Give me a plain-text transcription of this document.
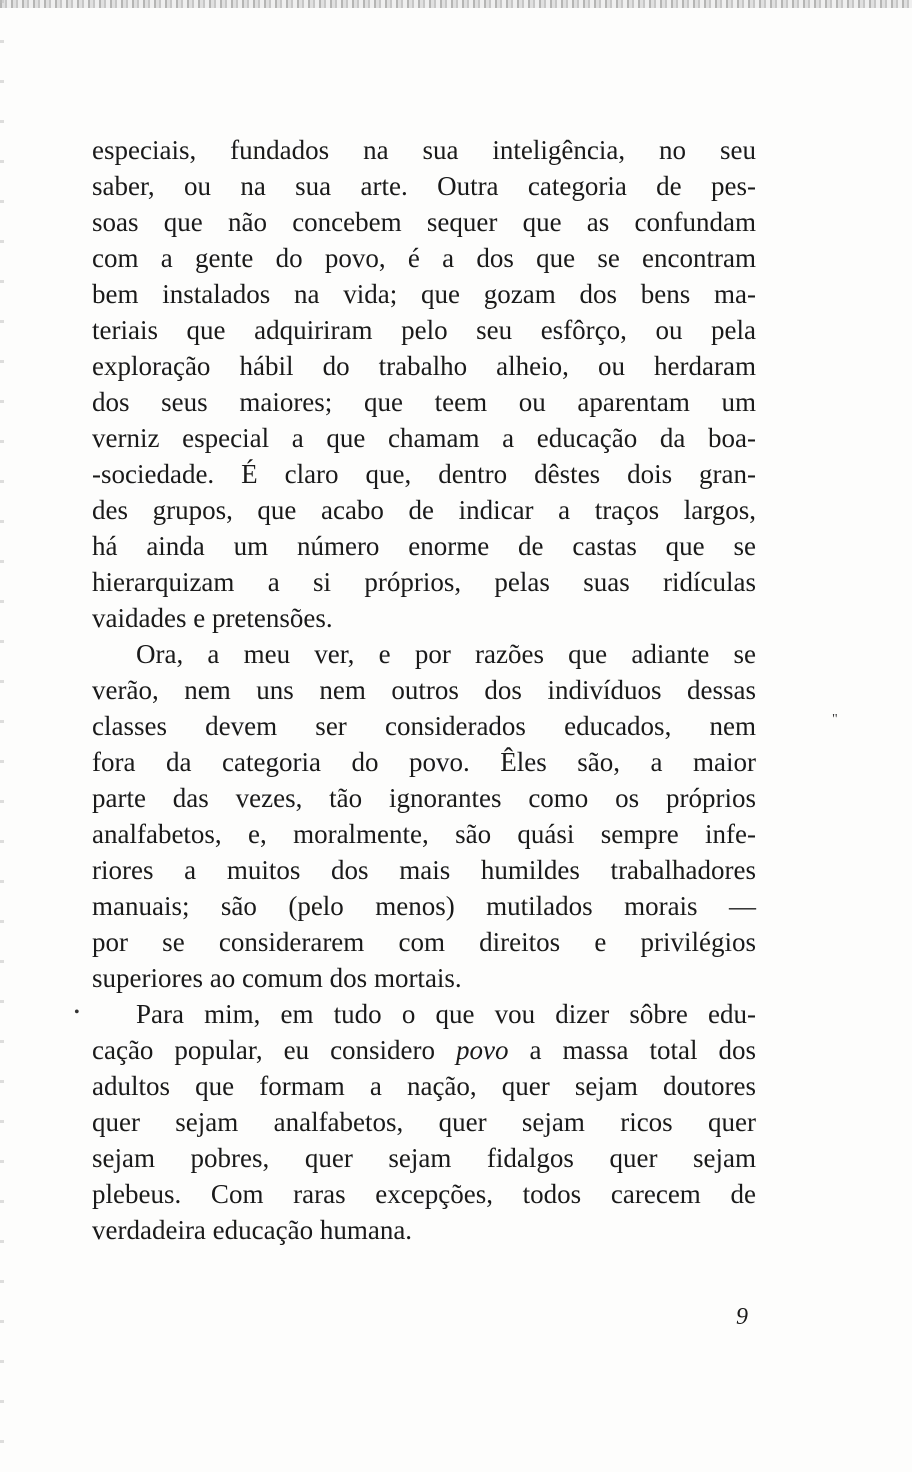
especiais, fundados na sua inteligência, no seu
saber, ou na sua arte. Outra categoria de pes-
soas que não concebem sequer que as confundam
com a gente do povo, é a dos que se encontram
bem instalados na vida; que gozam dos bens ma-
teriais que adquiriram pelo seu esfôrço, ou pela
exploração hábil do trabalho alheio, ou herdaram
dos seus maiores; que teem ou aparentam um
verniz especial a que chamam a educação da boa-
-sociedade. É claro que, dentro dêstes dois gran-
des grupos, que acabo de indicar a traços largos,
há ainda um número enorme de castas que se
hierarquizam a si próprios, pelas suas ridículas
vaidades e pretensões.
Ora, a meu ver, e por razões que adiante se
verão, nem uns nem outros dos indivíduos dessas
classes devem ser considerados educados, nem
fora da categoria do povo. Êles são, a maior
parte das vezes, tão ignorantes como os próprios
analfabetos, e, moralmente, são quási sempre infe-
riores a muitos dos mais humildes trabalhadores
manuais; são (pelo menos) mutilados morais —
por se considerarem com direitos e privilégios
superiores ao comum dos mortais.
Para mim, em tudo o que vou dizer sôbre edu-
cação popular, eu considero povo a massa total dos
adultos que formam a nação, quer sejam doutores
quer sejam analfabetos, quer sejam ricos quer
sejam pobres, quer sejam fidalgos quer sejam
plebeus. Com raras excepções, todos carecem de
verdadeira educação humana.
"
•
9
